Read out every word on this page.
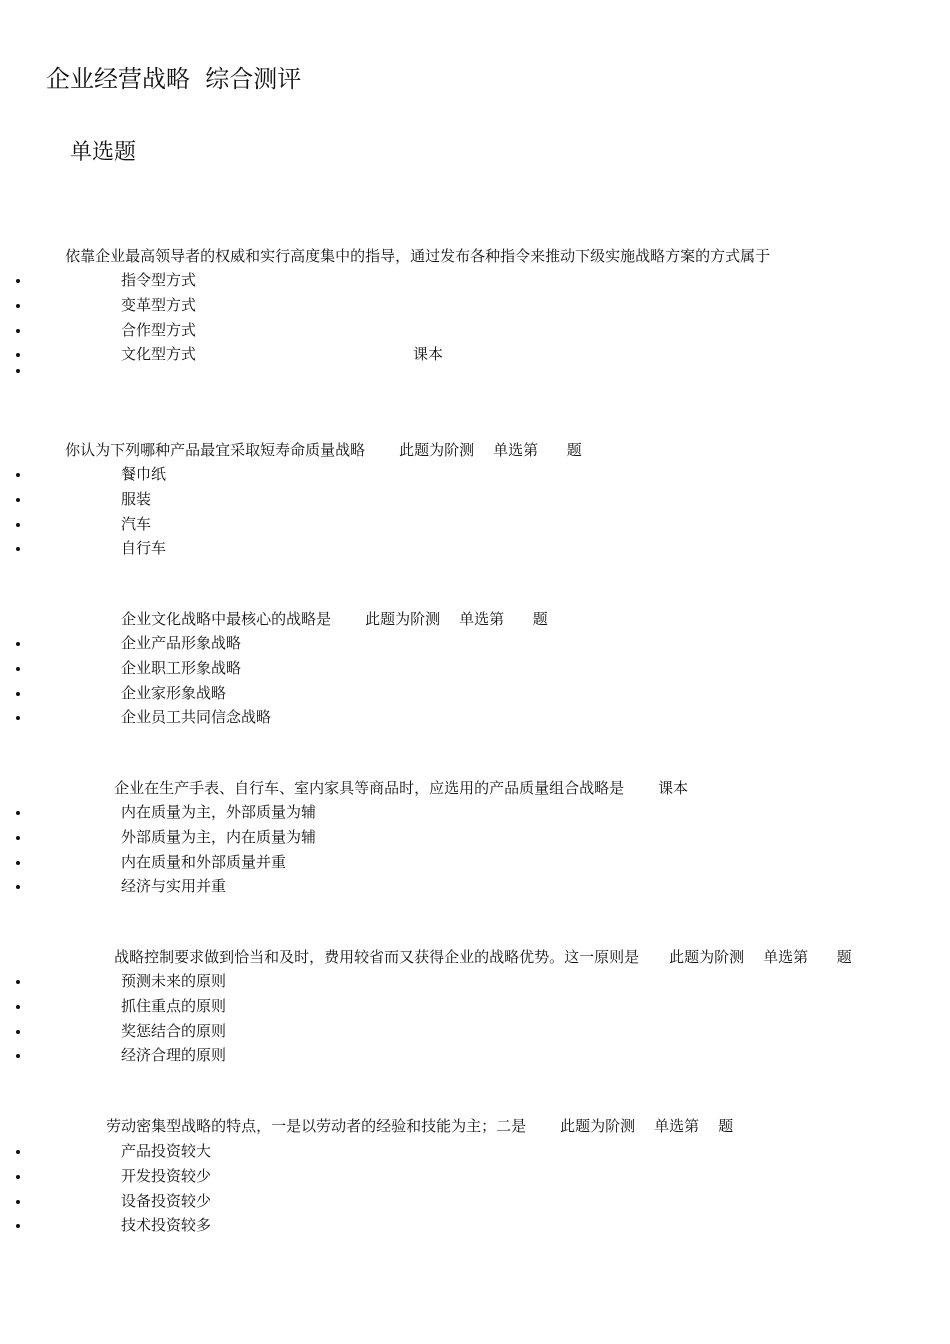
企业经营战略  综合测评
单选题

依靠企业最高领导者的权威和实行高度集中的指导，通过发布各种指令来推动下级实施战略方案的方式属于

指令型方式
变革型方式
合作型方式
文化型方式	课本

你认为下列哪种产品最宜采取短寿命质量战略 此题为阶测    单选第      题

餐巾纸
服装
汽车
自行车

企业文化战略中最核心的战略是 此题为阶测    单选第      题

企业产品形象战略
企业职工形象战略
企业家形象战略
企业员工共同信念战略

企业在生产手表、自行车、室内家具等商品时，应选用的产品质量组合战略是 课本

内在质量为主，外部质量为辅
外部质量为主，内在质量为辅
内在质量和外部质量并重
经济与实用并重

战略控制要求做到恰当和及时，费用较省而又获得企业的战略优势。这一原则是 此题为阶测    单选第      题

预测未来的原则
抓住重点的原则
奖惩结合的原则
经济合理的原则

劳动密集型战略的特点，一是以劳动者的经验和技能为主；二是 此题为阶测    单选第    题

产品投资较大
开发投资较少
设备投资较少
技术投资较多
